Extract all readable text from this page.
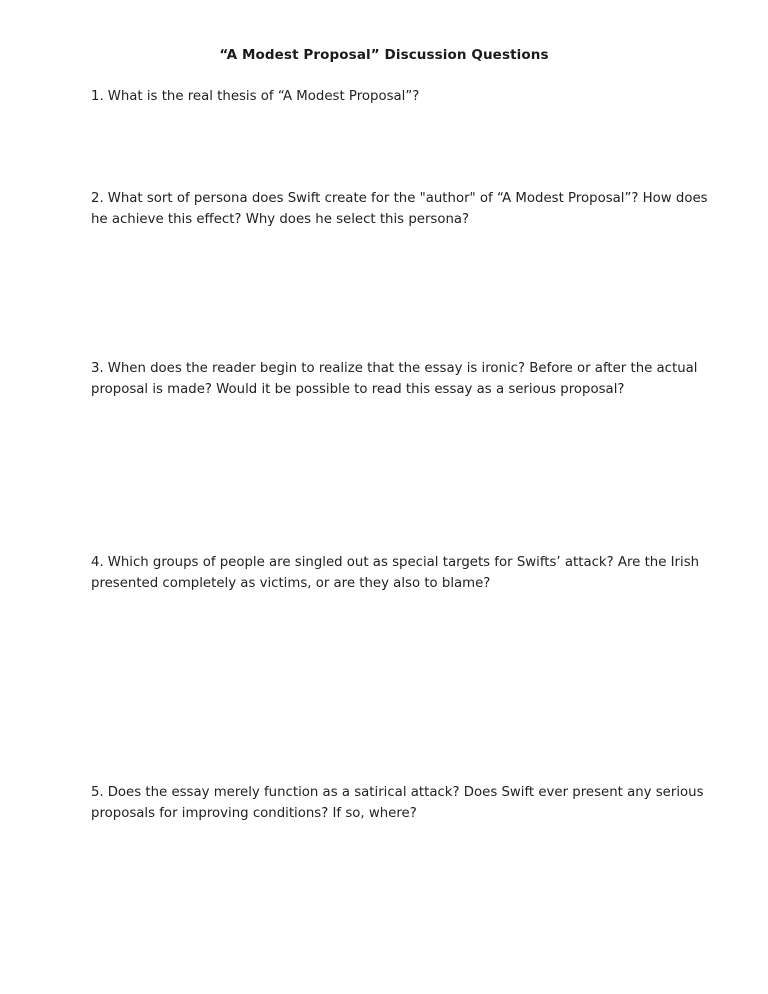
“A Modest Proposal” Discussion Questions
1. What is the real thesis of “A Modest Proposal”?
2. What sort of persona does Swift create for the "author" of “A Modest Proposal”? How does he achieve this effect? Why does he select this persona?
3. When does the reader begin to realize that the essay is ironic? Before or after the actual proposal is made? Would it be possible to read this essay as a serious proposal?
4. Which groups of people are singled out as special targets for Swifts’ attack? Are the Irish presented completely as victims, or are they also to blame?
5. Does the essay merely function as a satirical attack? Does Swift ever present any serious proposals for improving conditions? If so, where?
